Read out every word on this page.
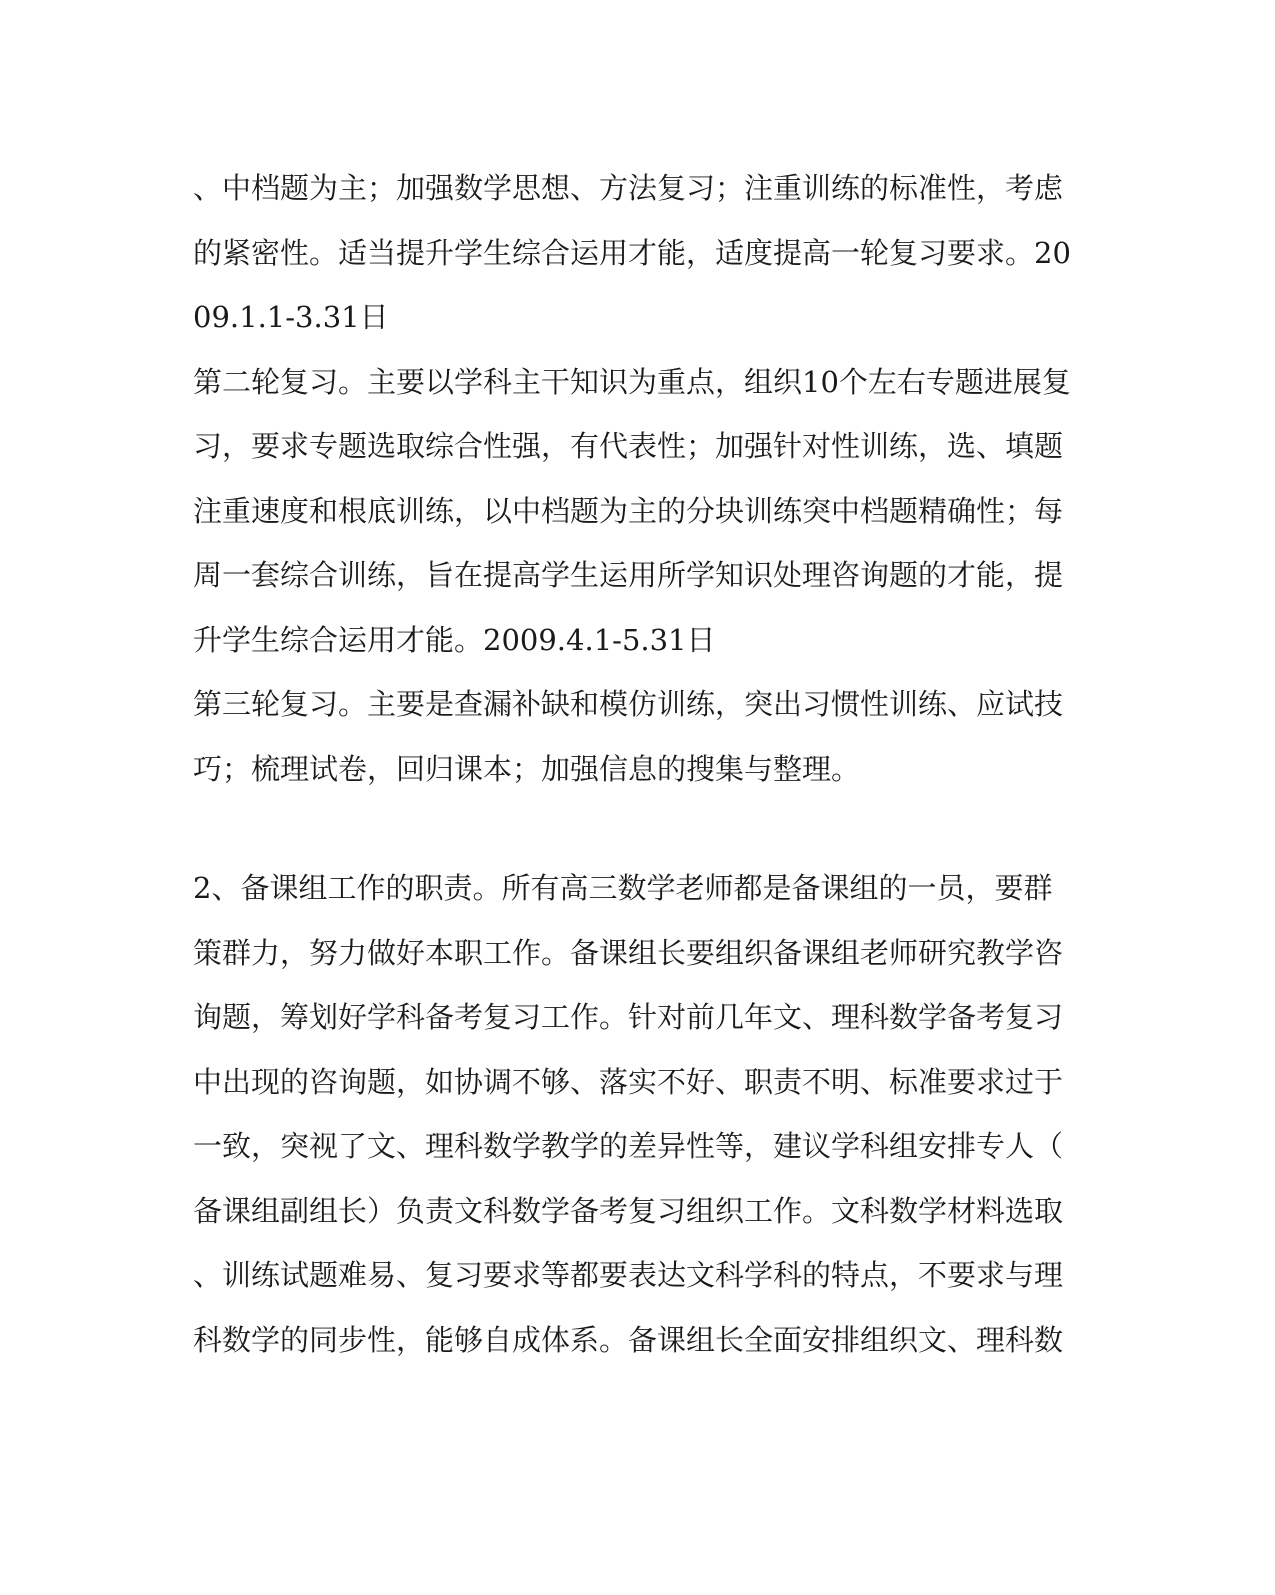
、中档题为主；加强数学思想、方法复习；注重训练的标准性，考虑
的紧密性。适当提升学生综合运用才能，适度提高一轮复习要求。20
09.1.1-3.31日
第二轮复习。主要以学科主干知识为重点，组织10个左右专题进展复
习，要求专题选取综合性强，有代表性；加强针对性训练，选、填题
注重速度和根底训练，以中档题为主的分块训练突中档题精确性；每
周一套综合训练，旨在提高学生运用所学知识处理咨询题的才能，提
升学生综合运用才能。2009.4.1-5.31日
第三轮复习。主要是查漏补缺和模仿训练，突出习惯性训练、应试技
巧；梳理试卷，回归课本；加强信息的搜集与整理。
2、备课组工作的职责。所有高三数学老师都是备课组的一员，要群
策群力，努力做好本职工作。备课组长要组织备课组老师研究教学咨
询题，筹划好学科备考复习工作。针对前几年文、理科数学备考复习
中出现的咨询题，如协调不够、落实不好、职责不明、标准要求过于
一致，突视了文、理科数学教学的差异性等，建议学科组安排专人（
备课组副组长）负责文科数学备考复习组织工作。文科数学材料选取
、训练试题难易、复习要求等都要表达文科学科的特点，不要求与理
科数学的同步性，能够自成体系。备课组长全面安排组织文、理科数
